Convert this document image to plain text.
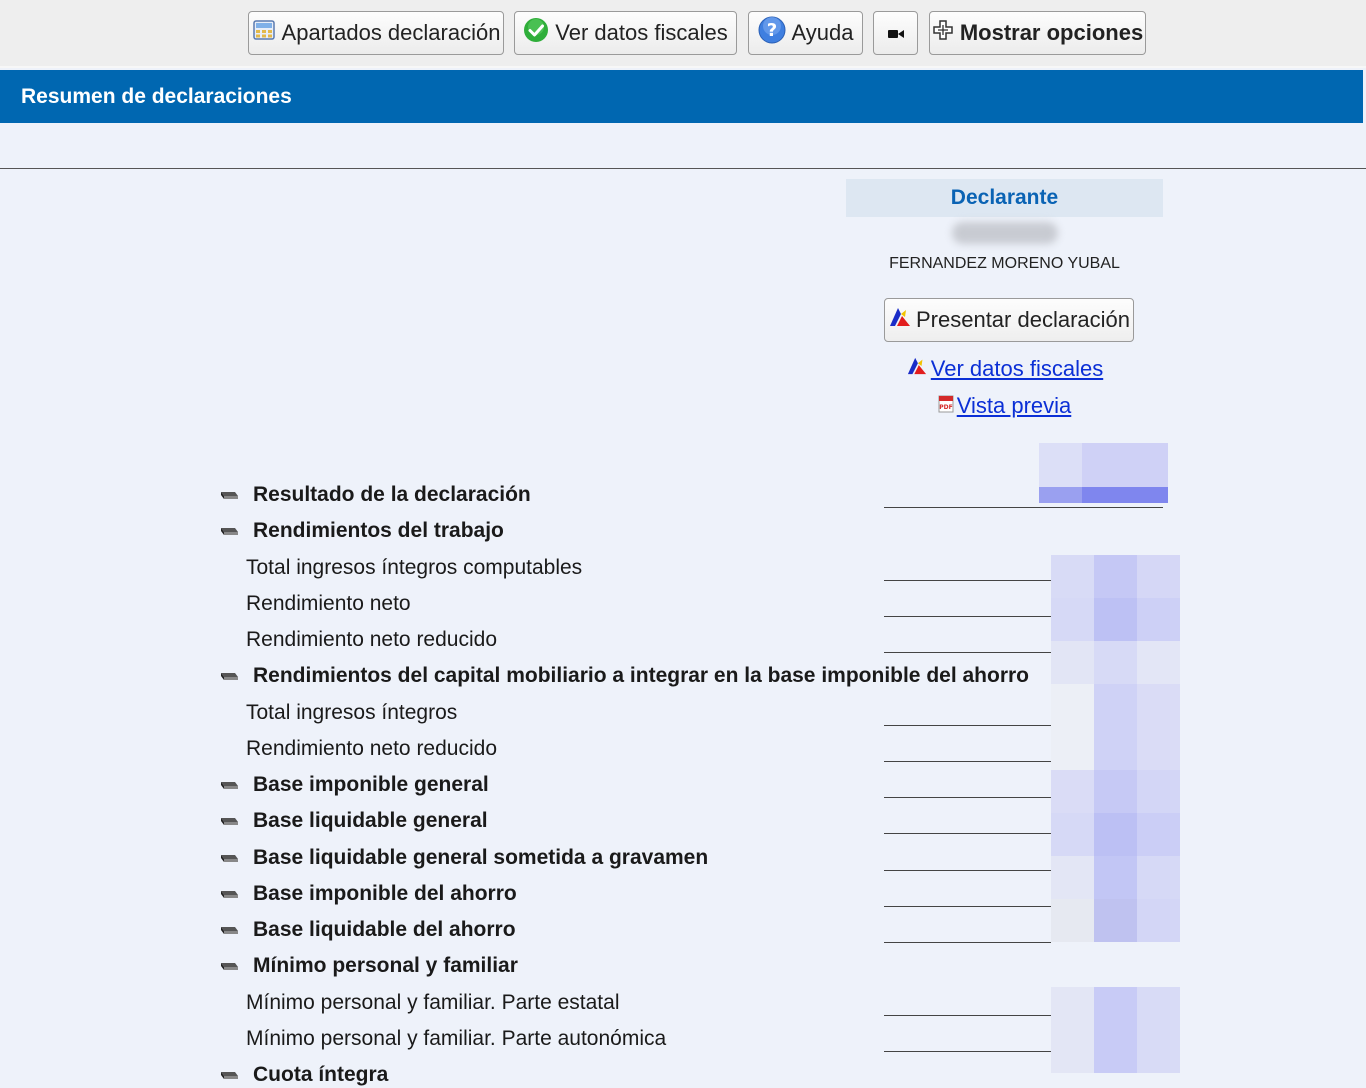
Apartados declaración Ver datos fiscales ? Ayuda	Mostrar opciones
Resumen de declaraciones
Declarante
FERNANDEZ MORENO YUBAL
Presentar declaración
Ver datos fiscales
PDF Vista previa
Resultado de la declaración
Rendimientos del trabajo
Total ingresos íntegros computables
Rendimiento neto
Rendimiento neto reducido
Rendimientos del capital mobiliario a integrar en la base imponible del ahorro
Total ingresos íntegros
Rendimiento neto reducido
Base imponible general
Base liquidable general
Base liquidable general sometida a gravamen
Base imponible del ahorro
Base liquidable del ahorro
Mínimo personal y familiar
Mínimo personal y familiar. Parte estatal
Mínimo personal y familiar. Parte autonómica
Cuota íntegra
